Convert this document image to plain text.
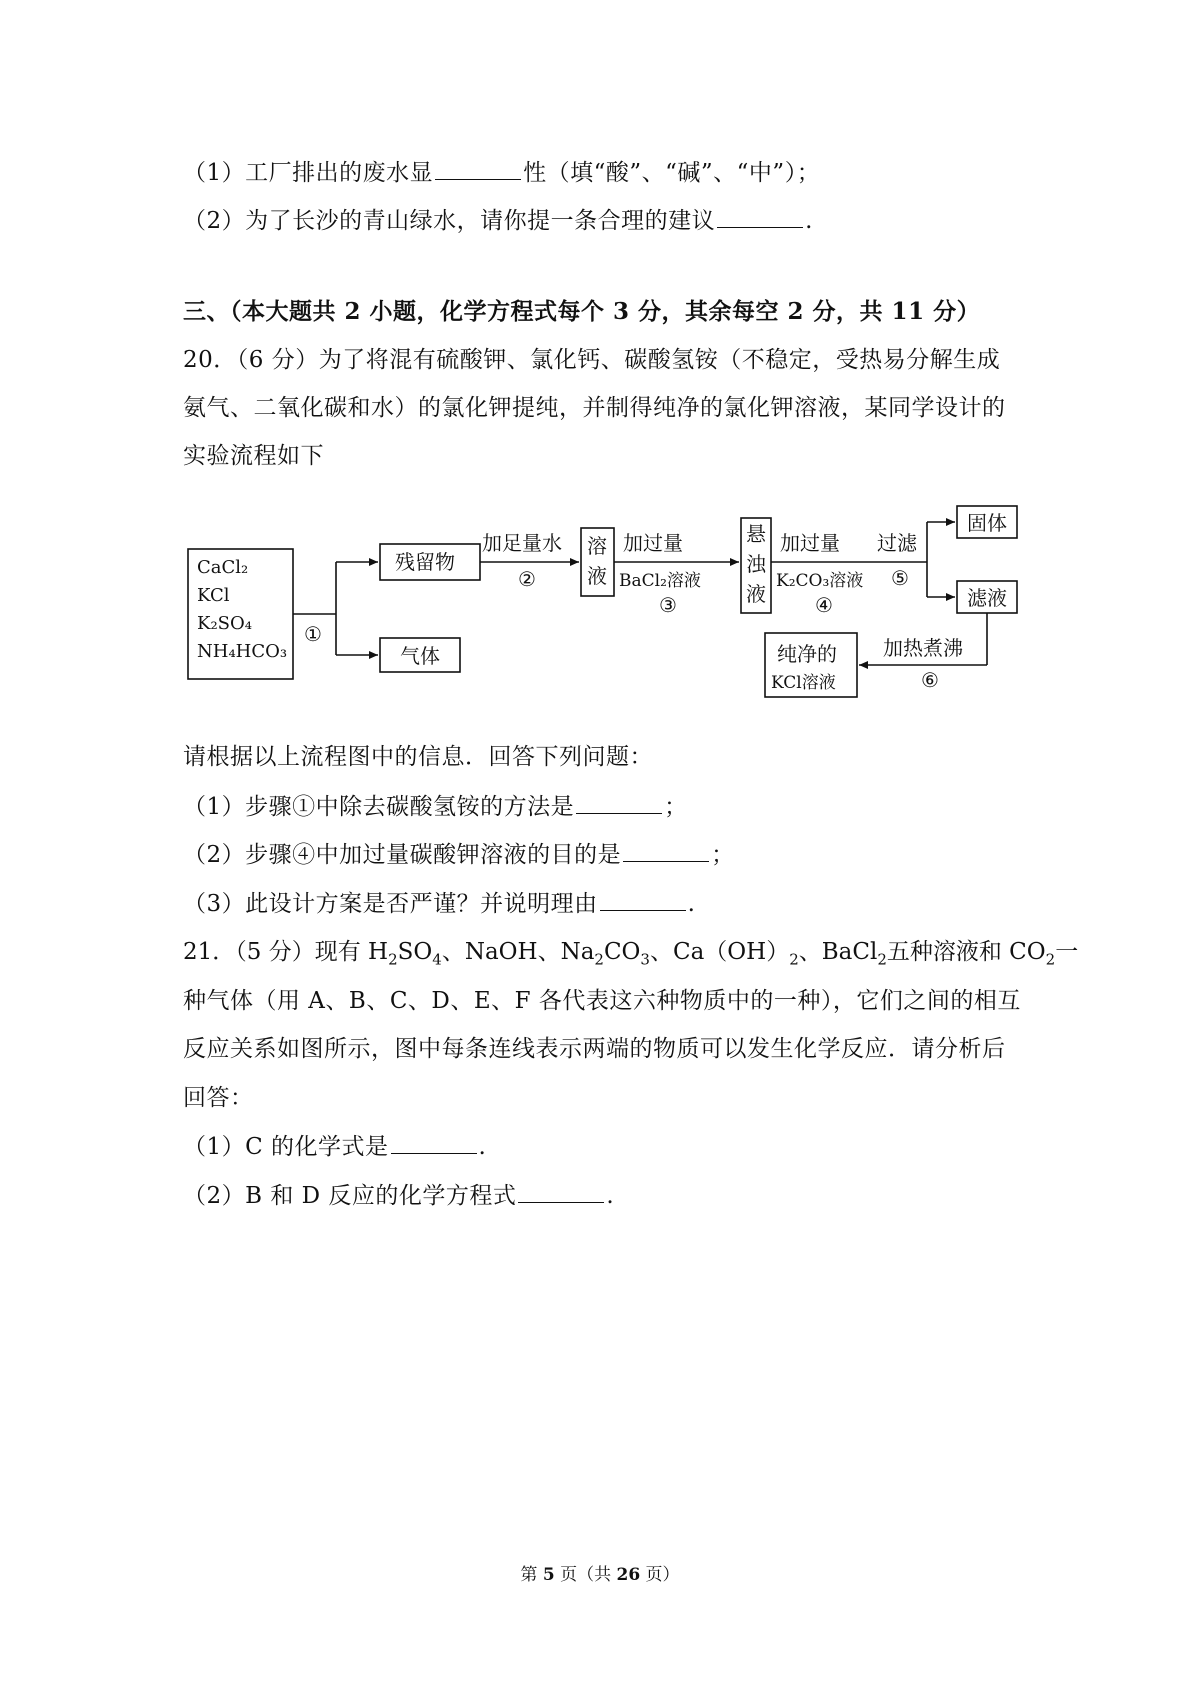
（1）工厂排出的废水显	性（填“酸”、“碱”、“中”）；
（2）为了长沙的青山绿水，请你提一条合理的建议	.
三、（本大题共 2 小题，化学方程式每个 3 分，其余每空 2 分，共 11 分）
20．（6 分）为了将混有硫酸钾、氯化钙、碳酸氢铵（不稳定，受热易分解生成
氨气、二氧化碳和水）的氯化钾提纯，并制得纯净的氯化钾溶液，某同学设计的
实验流程如下
CaCl₂
KCl
K₂SO₄
NH₄HCO₃
①
残留物
气体
加足量水
②
溶
液
加过量
③
悬
浊
液
加过量
④
过滤
⑤
固体
滤液
加热煮沸
⑥
纯净的
BaCl₂溶液	K₂CO₃溶液
KCl溶液
请根据以上流程图中的信息．回答下列问题：
（1）步骤①中除去碳酸氢铵的方法是	；
（2）步骤④中加过量碳酸钾溶液的目的是	；
（3）此设计方案是否严谨？并说明理由	.
21．（5 分）现有 $H_2SO_4$、NaOH、$Na_2CO_3$、$Ca(OH)_2$、BaCl$_2$五种溶液和 $CO_2$一
种气体（用 A、B、C、D、E、F 各代表这六种物质中的一种），它们之间的相互
反应关系如图所示，图中每条连线表示两端的物质可以发生化学反应．请分析后
回答：
（1）C 的化学式是	.
（2）B 和 D 反应的化学方程式	.
第 5 页（共 26 页）
